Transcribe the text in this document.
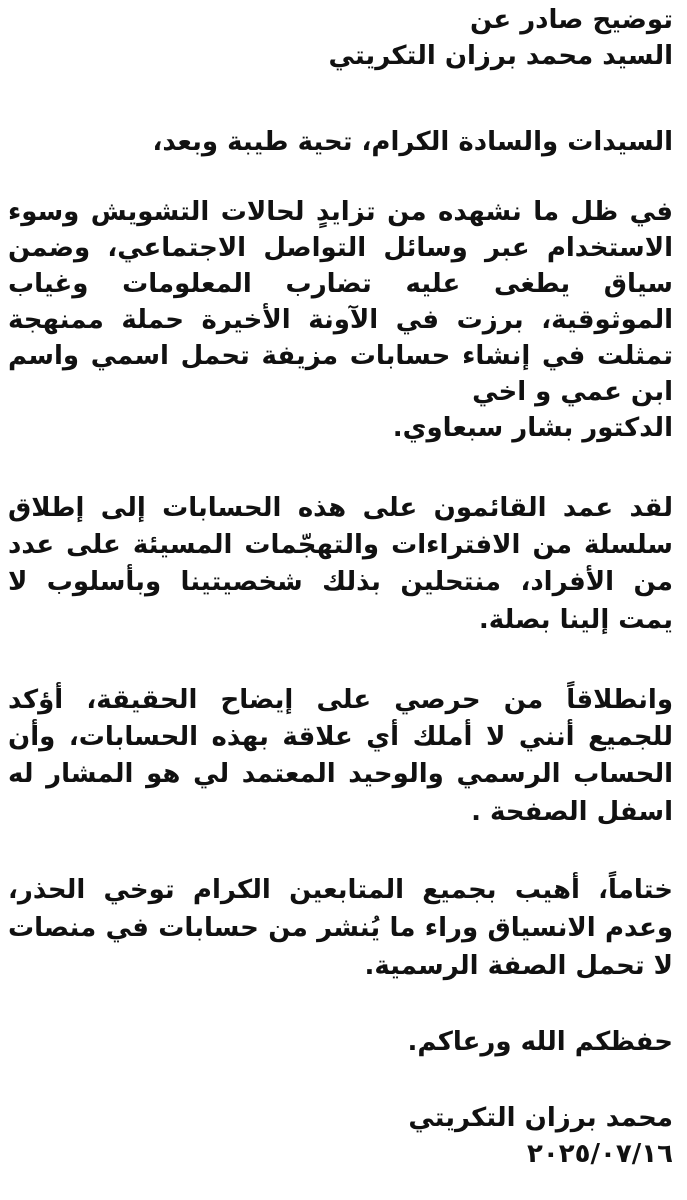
توضيح صادر عن
السيد محمد برزان التكريتي
السيدات والسادة الكرام، تحية طيبة وبعد،
في ظل ما نشهده من تزايدٍ لحالات التشويش وسوء
الاستخدام عبر وسائل التواصل الاجتماعي، وضمن
سياق يطغى عليه تضارب المعلومات وغياب
الموثوقية، برزت في الآونة الأخيرة حملة ممنهجة
تمثلت في إنشاء حسابات مزيفة تحمل اسمي واسم
ابن عمي و اخي
الدكتور بشار سبعاوي.
لقد عمد القائمون على هذه الحسابات إلى إطلاق
سلسلة من الافتراءات والتهجّمات المسيئة على عدد
من الأفراد، منتحلين بذلك شخصيتينا وبأسلوب لا
يمت إلينا بصلة.
وانطلاقاً من حرصي على إيضاح الحقيقة، أؤكد
للجميع أنني لا أملك أي علاقة بهذه الحسابات، وأن
الحساب الرسمي والوحيد المعتمد لي هو المشار له
اسفل الصفحة .
ختاماً، أهيب بجميع المتابعين الكرام توخي الحذر،
وعدم الانسياق وراء ما يُنشر من حسابات في منصات
لا تحمل الصفة الرسمية.
حفظكم الله ورعاكم.
محمد برزان التكريتي
٢٠٢٥/٠٧/١٦
